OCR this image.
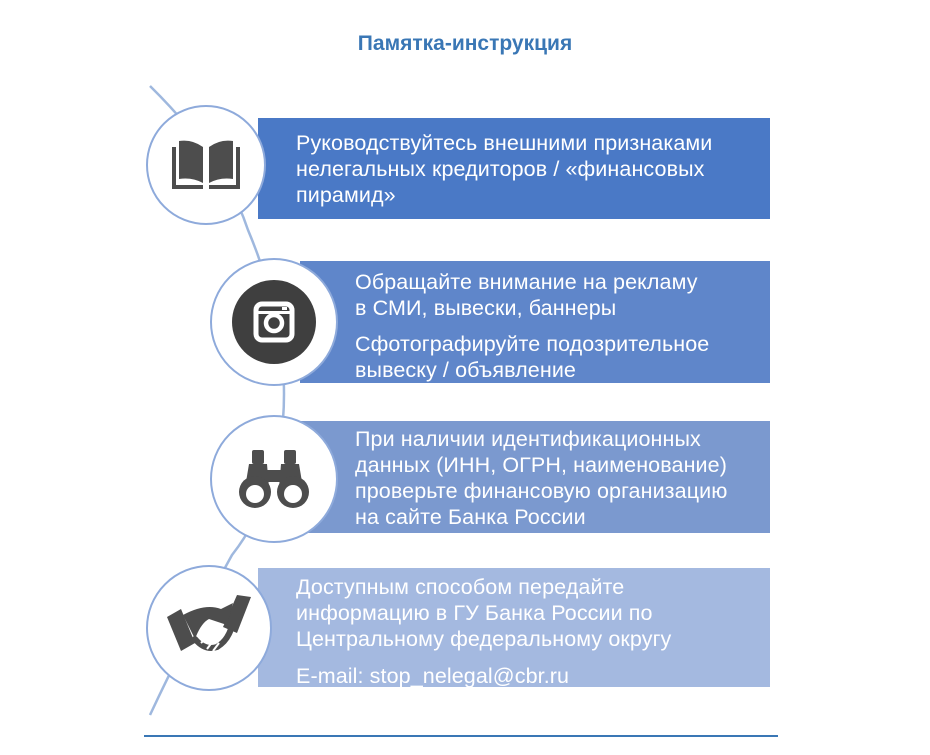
Памятка-инструкция

Руководствуйтесь внешними признаками
нелегальных кредиторов / «финансовых
пирамид»

Обращайте внимание на рекламу
в СМИ, вывески, баннеры

Сфотографируйте подозрительное
вывеску / объявление

При наличии идентификационных
данных (ИНН, ОГРН, наименование)
проверьте финансовую организацию
на сайте Банка России

Доступным способом передайте
информацию в ГУ Банка России по
Центральному федеральному округу

E-mail: stop_nelegal@cbr.ru
